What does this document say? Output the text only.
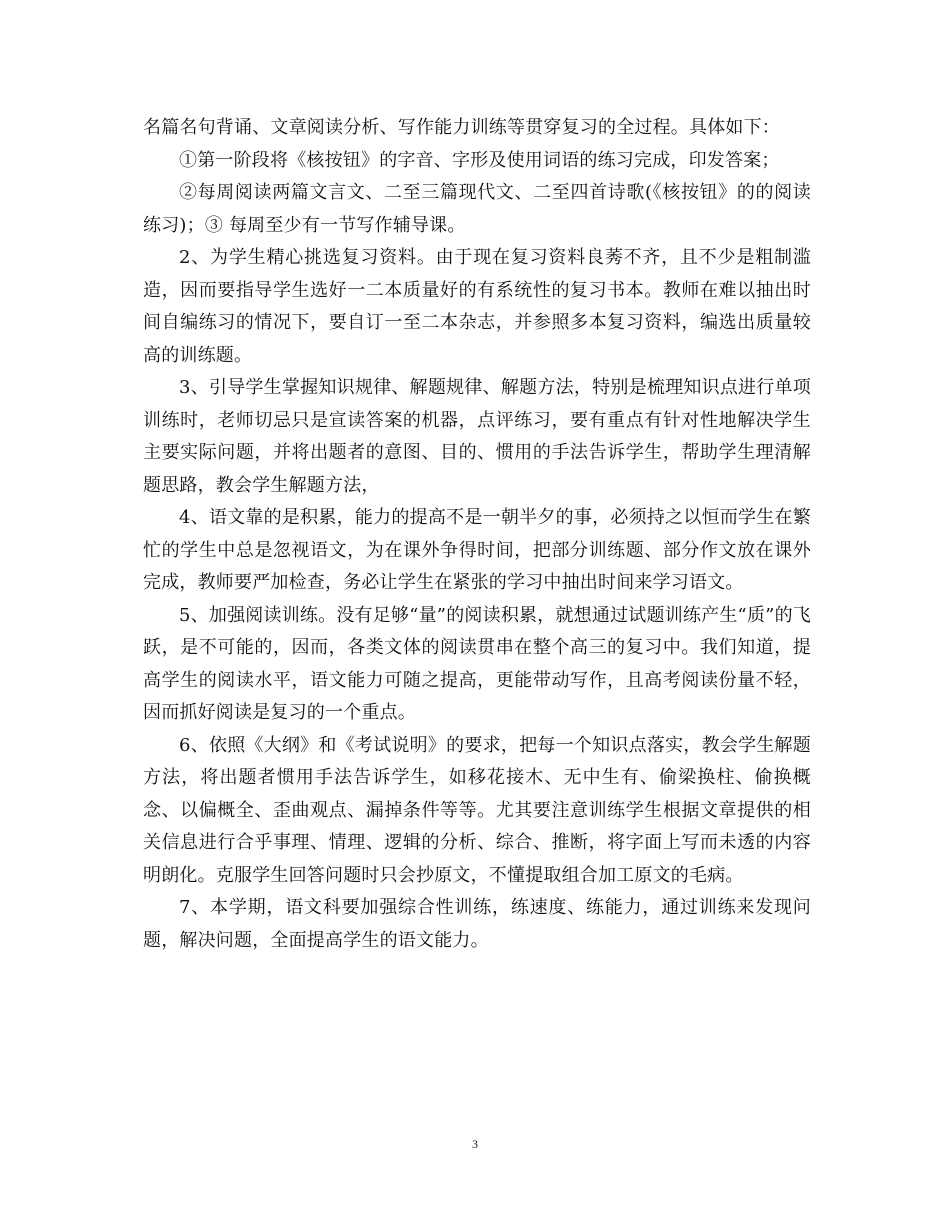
名篇名句背诵、文章阅读分析、写作能力训练等贯穿复习的全过程。具体如下：

①第一阶段将《核按钮》的字音、字形及使用词语的练习完成，印发答案；

②每周阅读两篇文言文、二至三篇现代文、二至四首诗歌(《核按钮》的的阅读练习)；③ 每周至少有一节写作辅导课。

2、为学生精心挑选复习资料。由于现在复习资料良莠不齐，且不少是粗制滥造，因而要指导学生选好一二本质量好的有系统性的复习书本。教师在难以抽出时间自编练习的情况下，要自订一至二本杂志，并参照多本复习资料，编选出质量较高的训练题。

3、引导学生掌握知识规律、解题规律、解题方法，特别是梳理知识点进行单项训练时，老师切忌只是宣读答案的机器，点评练习，要有重点有针对性地解决学生主要实际问题，并将出题者的意图、目的、惯用的手法告诉学生，帮助学生理清解题思路，教会学生解题方法，

4、语文靠的是积累，能力的提高不是一朝半夕的事，必须持之以恒而学生在繁忙的学生中总是忽视语文，为在课外争得时间，把部分训练题、部分作文放在课外完成，教师要严加检查，务必让学生在紧张的学习中抽出时间来学习语文。

5、加强阅读训练。没有足够“量”的阅读积累，就想通过试题训练产生“质”的飞跃，是不可能的，因而，各类文体的阅读贯串在整个高三的复习中。我们知道，提高学生的阅读水平，语文能力可随之提高，更能带动写作，且高考阅读份量不轻，因而抓好阅读是复习的一个重点。

6、依照《大纲》和《考试说明》的要求，把每一个知识点落实，教会学生解题方法，将出题者惯用手法告诉学生，如移花接木、无中生有、偷梁换柱、偷换概念、以偏概全、歪曲观点、漏掉条件等等。尤其要注意训练学生根据文章提供的相关信息进行合乎事理、情理、逻辑的分析、综合、推断，将字面上写而未透的内容明朗化。克服学生回答问题时只会抄原文，不懂提取组合加工原文的毛病。

7、本学期，语文科要加强综合性训练，练速度、练能力，通过训练来发现问题，解决问题，全面提高学生的语文能力。

3
